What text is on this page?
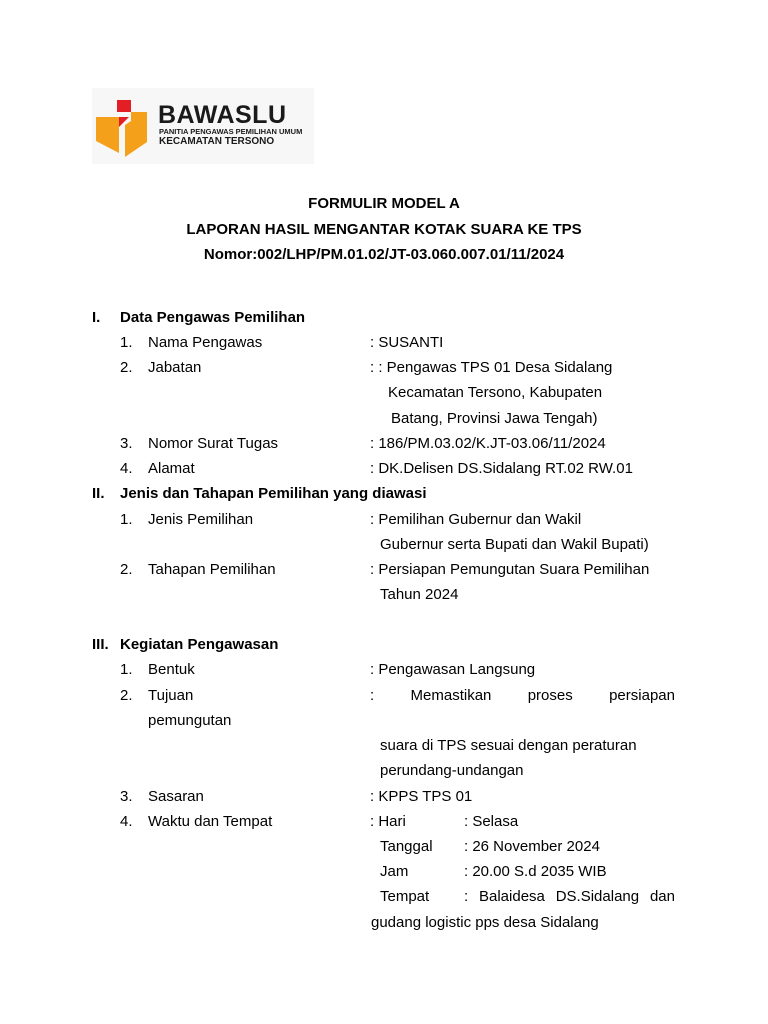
BAWASLU
PANITIA PENGAWAS PEMILIHAN UMUM
KECAMATAN TERSONO
FORMULIR MODEL A
LAPORAN HASIL MENGANTAR KOTAK SUARA KE TPS
Nomor:002/LHP/PM.01.02/JT-03.060.007.01/11/2024
I. Data Pengawas Pemilihan
1. Nama Pengawas	: SUSANTI
2. Jabatan	: : Pengawas TPS 01 Desa Sidalang
Kecamatan Tersono, Kabupaten
Batang, Provinsi Jawa Tengah)
3. Nomor Surat Tugas	: 186/PM.03.02/K.JT-03.06/11/2024
4. Alamat	: DK.Delisen DS.Sidalang RT.02 RW.01
II. Jenis dan Tahapan Pemilihan yang diawasi
1. Jenis Pemilihan	: Pemilihan Gubernur dan Wakil
Gubernur serta Bupati dan Wakil Bupati)
2. Tahapan Pemilihan	: Persiapan Pemungutan Suara Pemilihan
Tahun 2024
III. Kegiatan Pengawasan
1. Bentuk	: Pengawasan Langsung
2. Tujuan	: Memastikan proses persiapan
pemungutan
suara di TPS sesuai dengan peraturan
perundang-undangan
3. Sasaran	: KPPS TPS 01
4. Waktu dan Tempat	: Hari	: Selasa
Tanggal : 26 November 2024
Jam	: 20.00 S.d 2035 WIB
Tempat : Balaidesa DS.Sidalang dan
gudang logistic pps desa Sidalang
